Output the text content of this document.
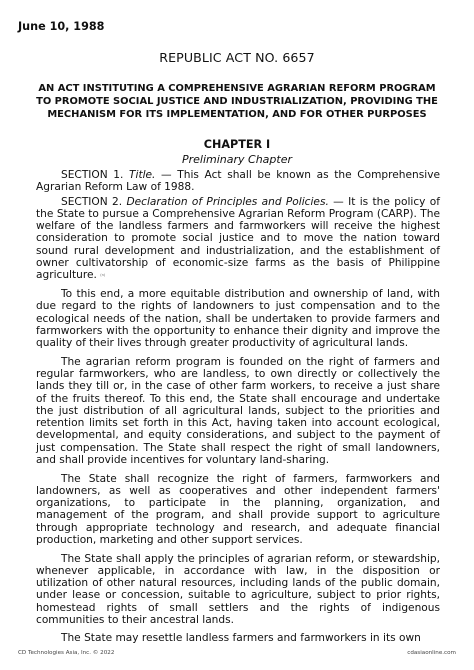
June 10, 1988
REPUBLIC ACT NO. 6657
AN ACT INSTITUTING A COMPREHENSIVE AGRARIAN REFORM PROGRAM TO PROMOTE SOCIAL JUSTICE AND INDUSTRIALIZATION, PROVIDING THE MECHANISM FOR ITS IMPLEMENTATION, AND FOR OTHER PURPOSES
CHAPTER I
Preliminary Chapter

SECTION 1. Title. — This Act shall be known as the Comprehensive Agrarian Reform Law of 1988.

SECTION 2. Declaration of Principles and Policies. — It is the policy of the State to pursue a Comprehensive Agrarian Reform Program (CARP). The welfare of the landless farmers and farmworkers will receive the highest consideration to promote social justice and to move the nation toward sound rural development and industrialization, and the establishment of owner cultivatorship of economic-size farms as the basis of Philippine agriculture. (n)

To this end, a more equitable distribution and ownership of land, with due regard to the rights of landowners to just compensation and to the ecological needs of the nation, shall be undertaken to provide farmers and farmworkers with the opportunity to enhance their dignity and improve the quality of their lives through greater productivity of agricultural lands.

The agrarian reform program is founded on the right of farmers and regular farmworkers, who are landless, to own directly or collectively the lands they till or, in the case of other farm workers, to receive a just share of the fruits thereof. To this end, the State shall encourage and undertake the just distribution of all agricultural lands, subject to the priorities and retention limits set forth in this Act, having taken into account ecological, developmental, and equity considerations, and subject to the payment of just compensation. The State shall respect the right of small landowners, and shall provide incentives for voluntary land-sharing.

The State shall recognize the right of farmers, farmworkers and landowners, as well as cooperatives and other independent farmers' organizations, to participate in the planning, organization, and management of the program, and shall provide support to agriculture through appropriate technology and research, and adequate financial production, marketing and other support services.

The State shall apply the principles of agrarian reform, or stewardship, whenever applicable, in accordance with law, in the disposition or utilization of other natural resources, including lands of the public domain, under lease or concession, suitable to agriculture, subject to prior rights, homestead rights of small settlers and the rights of indigenous communities to their ancestral lands.

The State may resettle landless farmers and farmworkers in its own

CD Technologies Asia, Inc. © 2022	cdasiaonline.com
